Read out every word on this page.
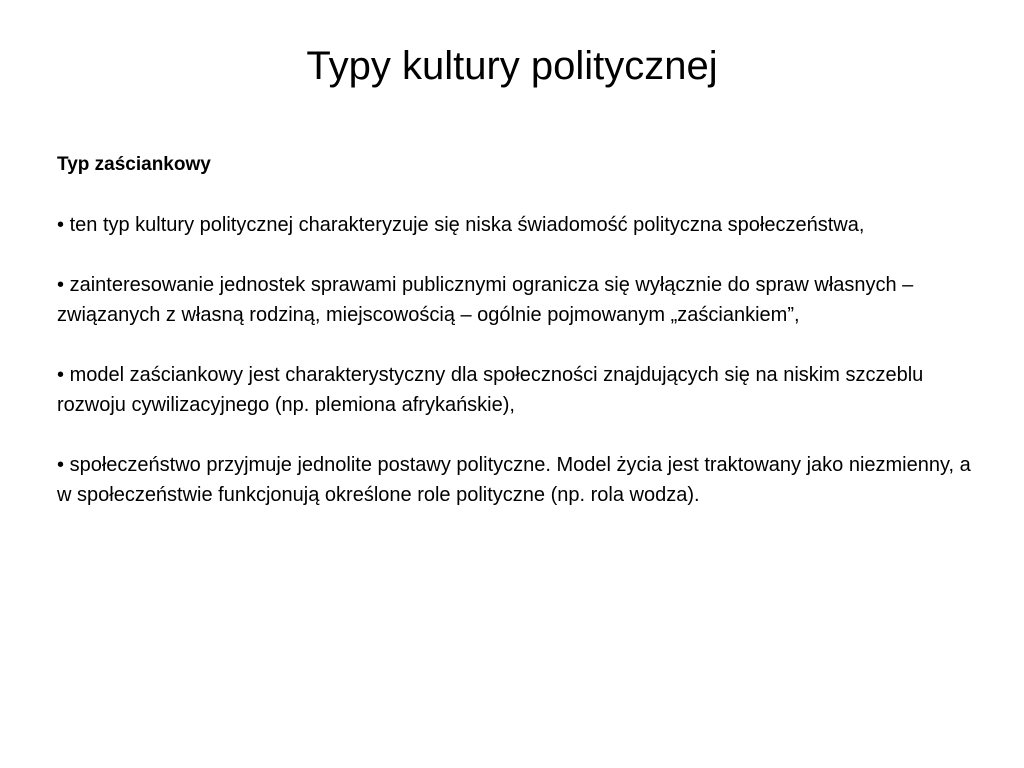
Typy kultury politycznej

Typ zaściankowy

• ten typ kultury politycznej charakteryzuje się niska świadomość polityczna społeczeństwa,

• zainteresowanie jednostek sprawami publicznymi ogranicza się wyłącznie do spraw własnych – związanych z własną rodziną, miejscowością – ogólnie pojmowanym „zaściankiem”,

• model zaściankowy jest charakterystyczny dla społeczności znajdujących się na niskim szczeblu rozwoju cywilizacyjnego (np. plemiona afrykańskie),

• społeczeństwo przyjmuje jednolite postawy polityczne. Model życia jest traktowany jako niezmienny, a w społeczeństwie funkcjonują określone role polityczne (np. rola wodza).
